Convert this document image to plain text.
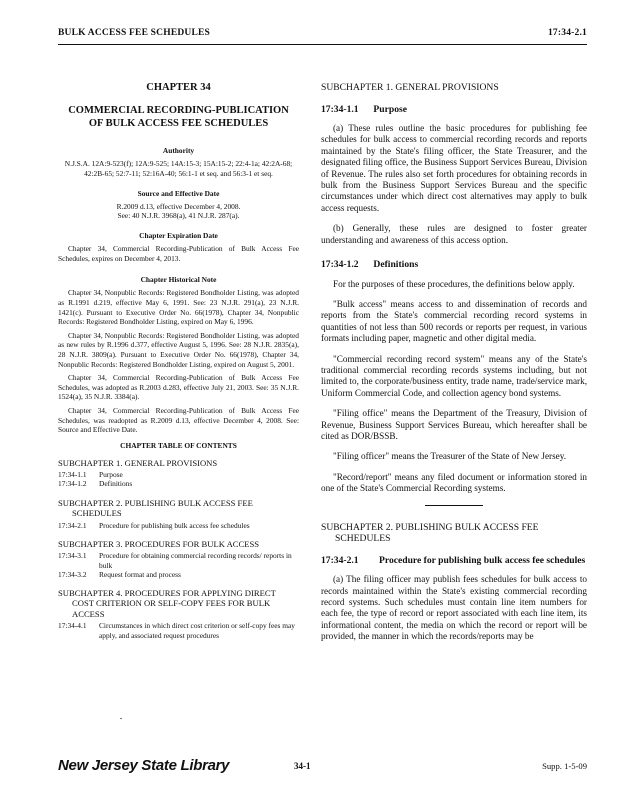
BULK ACCESS FEE SCHEDULES	17:34-2.1
CHAPTER 34
COMMERCIAL RECORDING-PUBLICATION
OF BULK ACCESS FEE SCHEDULES
Authority

N.J.S.A. 12A:9-523(f); 12A:9-525; 14A:15-3; 15A:15-2; 22:4-1a; 42:2A-68; 42:2B-65; 52:7-11; 52:16A-40; 56:1-1 et seq. and 56:3-1 et seq.

Source and Effective Date

R.2009 d.13, effective December 4, 2008.

See: 40 N.J.R. 3968(a), 41 N.J.R. 287(a).

Chapter Expiration Date

Chapter 34, Commercial Recording-Publication of Bulk Access Fee Schedules, expires on December 4, 2013.

Chapter Historical Note

Chapter 34, Nonpublic Records: Registered Bondholder Listing, was adopted as R.1991 d.219, effective May 6, 1991. See: 23 N.J.R. 291(a), 23 N.J.R. 1421(c). Pursuant to Executive Order No. 66(1978), Chapter 34, Nonpublic Records: Registered Bondholder Listing, expired on May 6, 1996.

Chapter 34, Nonpublic Records: Registered Bondholder Listing, was adopted as new rules by R.1996 d.377, effective August 5, 1996. See: 28 N.J.R. 2835(a), 28 N.J.R. 3809(a). Pursuant to Executive Order No. 66(1978), Chapter 34, Nonpublic Records: Registered Bondholder Listing, expired on August 5, 2001.

Chapter 34, Commercial Recording-Publication of Bulk Access Fee Schedules, was adopted as R.2003 d.283, effective July 21, 2003. See: 35 N.J.R. 1524(a), 35 N.J.R. 3384(a).

Chapter 34, Commercial Recording-Publication of Bulk Access Fee Schedules, was readopted as R.2009 d.13, effective December 4, 2008. See: Source and Effective Date.

CHAPTER TABLE OF CONTENTS
SUBCHAPTER 1. GENERAL PROVISIONS
17:34-1.1	Purpose
17:34-1.2	Definitions
SUBCHAPTER 2. PUBLISHING BULK ACCESS FEE SCHEDULES
17:34-2.1	Procedure for publishing bulk access fee schedules
SUBCHAPTER 3. PROCEDURES FOR BULK ACCESS
17:34-3.1	Procedure for obtaining commercial recording records/ reports in bulk
17:34-3.2	Request format and process
SUBCHAPTER 4. PROCEDURES FOR APPLYING DIRECT COST CRITERION OR SELF-COPY FEES FOR BULK ACCESS
17:34-4.1	Circumstances in which direct cost criterion or self-copy fees may apply, and associated request procedures
SUBCHAPTER 1. GENERAL PROVISIONS
17:34-1.1 Purpose

(a) These rules outline the basic procedures for publishing fee schedules for bulk access to commercial recording records and reports maintained by the State's filing officer, the State Treasurer, and the designated filing office, the Business Support Services Bureau, Division of Revenue. The rules also set forth procedures for obtaining records in bulk from the Business Support Services Bureau and the specific circumstances under which direct cost alternatives may apply to bulk access requests.

(b) Generally, these rules are designed to foster greater understanding and awareness of this access option.

17:34-1.2 Definitions

For the purposes of these procedures, the definitions below apply.

"Bulk access" means access to and dissemination of records and reports from the State's commercial recording record systems in quantities of not less than 500 records or reports per request, in various formats including paper, magnetic and other digital media.

"Commercial recording record system" means any of the State's traditional commercial recording records systems including, but not limited to, the corporate/business entity, trade name, trade/service mark, Uniform Commercial Code, and collection agency bond systems.

"Filing office" means the Department of the Treasury, Division of Revenue, Business Support Services Bureau, which hereafter shall be cited as DOR/BSSB.

"Filing officer" means the Treasurer of the State of New Jersey.

"Record/report" means any filed document or information stored in one of the State's Commercial Recording systems.

SUBCHAPTER 2. PUBLISHING BULK ACCESS FEE SCHEDULES
17:34-2.1	Procedure for publishing bulk access fee schedules

(a) The filing officer may publish fees schedules for bulk access to records maintained within the State's existing commercial recording record systems. Such schedules must contain line item numbers for each fee, the type of record or report associated with each line item, its informational content, the media on which the record or report will be provided, the manner in which the records/reports may be

New Jersey State Library	34-1	Supp. 1-5-09
